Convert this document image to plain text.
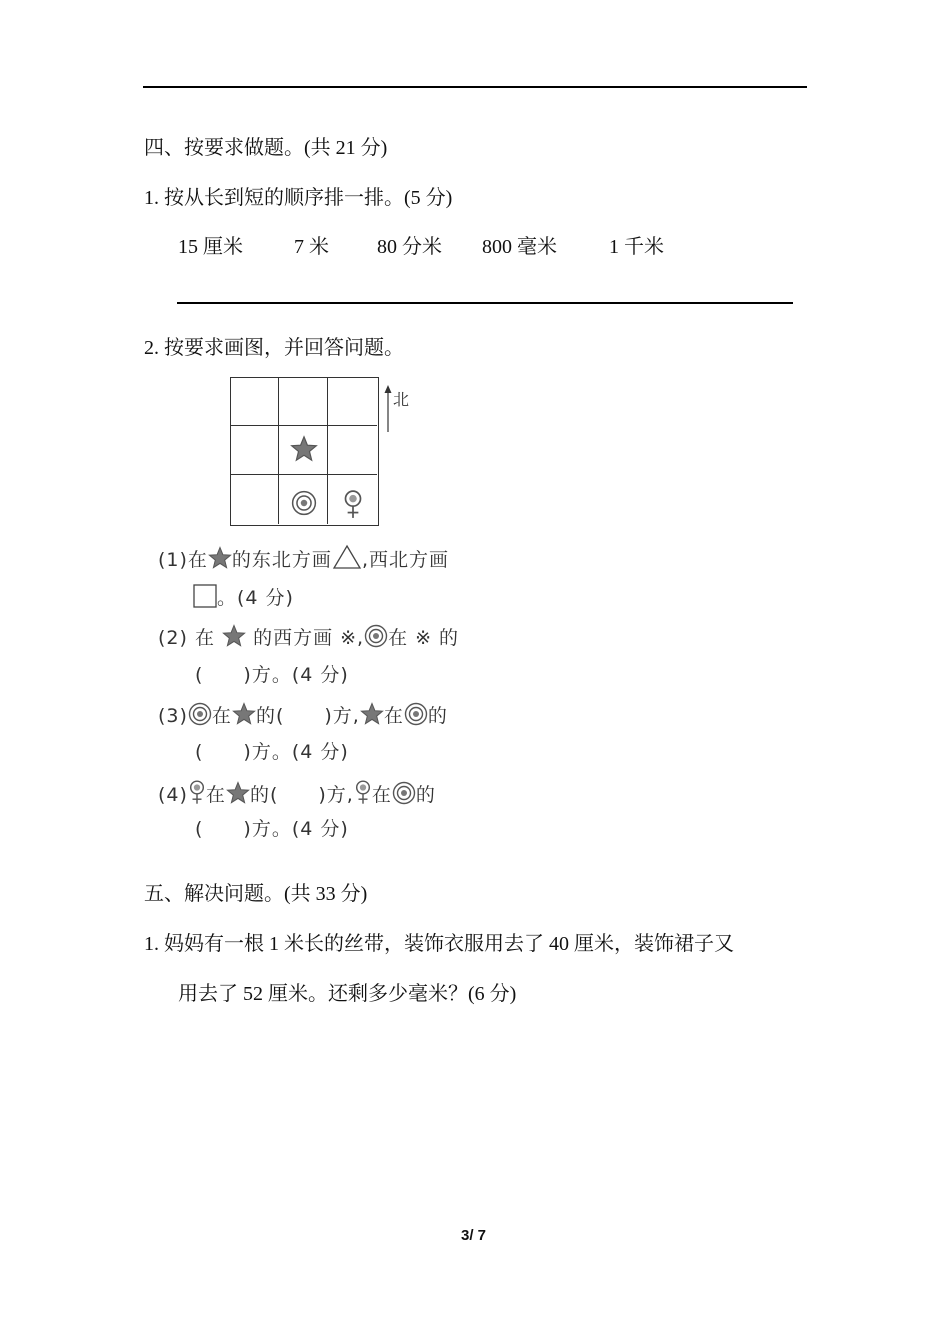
四、按要求做题。(共 21 分)
1. 按从长到短的顺序排一排。(5 分)
15 厘米	7 米 80 分米 800 毫米	1 千米
2. 按要求画图，并回答问题。
北
(1)在 的东北方画 ,西北方画
。(4 分)
(2) 在 的西方画 ※, 在 ※ 的
(　　)方。(4 分)
(3) 在 的(　　)方, 在 的
(　　)方。(4 分)
(4) 在 的(　　)方, 在 的
(　　)方。(4 分)
五、解决问题。(共 33 分)
1. 妈妈有一根 1 米长的丝带，装饰衣服用去了 40 厘米，装饰裙子又
用去了 52 厘米。还剩多少毫米？(6 分)
3/ 7
